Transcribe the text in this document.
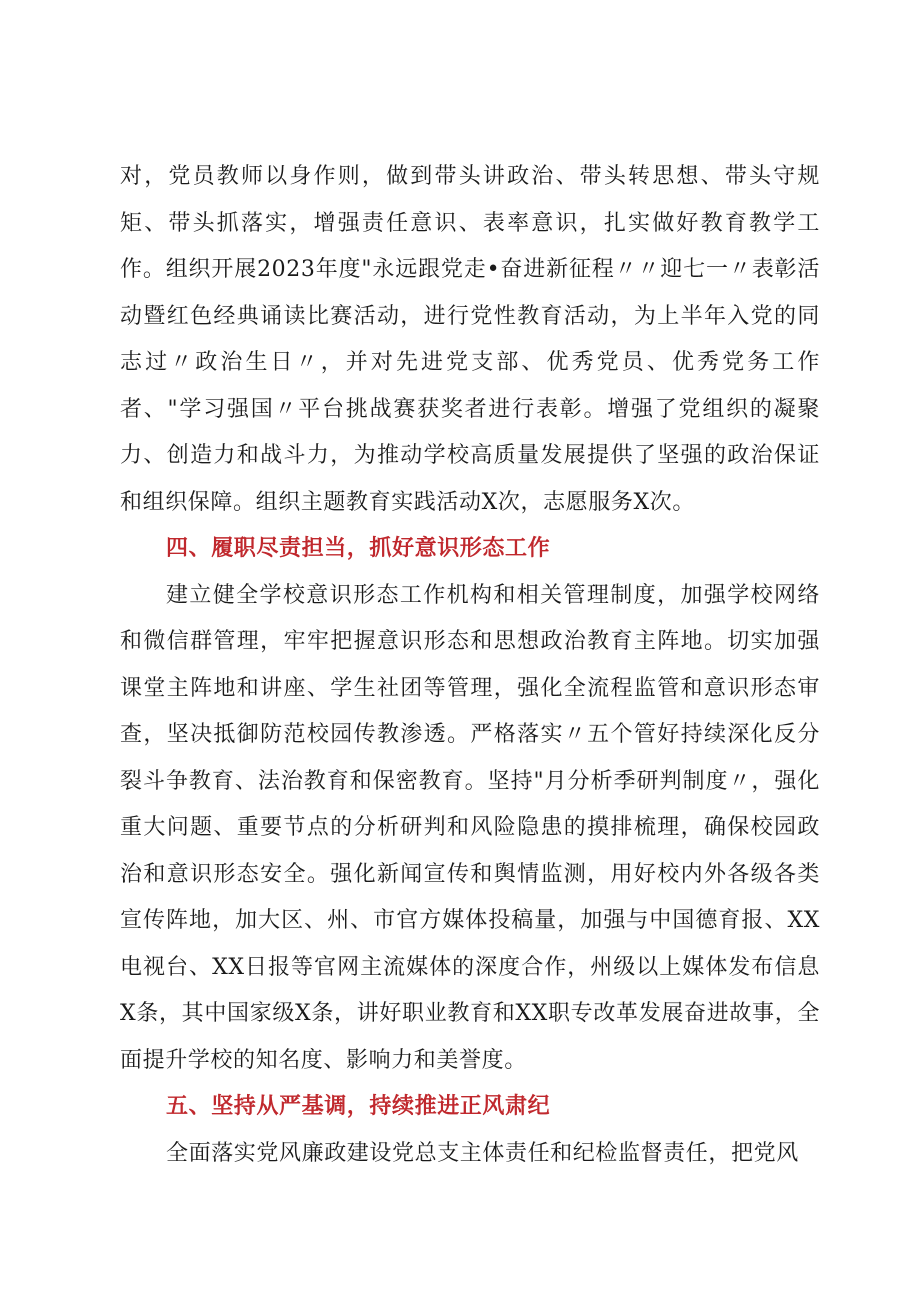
对，党员教师以身作则，做到带头讲政治、带头转思想、带头守规矩、带头抓落实，增强责任意识、表率意识，扎实做好教育教学工作。组织开展2023年度"永远跟党走•奋进新征程〃〃迎七一〃表彰活动暨红色经典诵读比赛活动，进行党性教育活动，为上半年入党的同志过〃政治生日〃，并对先进党支部、优秀党员、优秀党务工作者、"学习强国〃平台挑战赛获奖者进行表彰。增强了党组织的凝聚力、创造力和战斗力，为推动学校高质量发展提供了坚强的政治保证和组织保障。组织主题教育实践活动X次，志愿服务X次。

四、履职尽责担当，抓好意识形态工作

建立健全学校意识形态工作机构和相关管理制度，加强学校网络和微信群管理，牢牢把握意识形态和思想政治教育主阵地。切实加强课堂主阵地和讲座、学生社团等管理，强化全流程监管和意识形态审查，坚决抵御防范校园传教渗透。严格落实〃五个管好持续深化反分裂斗争教育、法治教育和保密教育。坚持"月分析季研判制度〃，强化重大问题、重要节点的分析研判和风险隐患的摸排梳理，确保校园政治和意识形态安全。强化新闻宣传和舆情监测，用好校内外各级各类宣传阵地，加大区、州、市官方媒体投稿量，加强与中国德育报、XX电视台、XX日报等官网主流媒体的深度合作，州级以上媒体发布信息X条，其中国家级X条，讲好职业教育和XX职专改革发展奋进故事，全面提升学校的知名度、影响力和美誉度。

五、坚持从严基调，持续推进正风肃纪

全面落实党风廉政建设党总支主体责任和纪检监督责任，把党风
